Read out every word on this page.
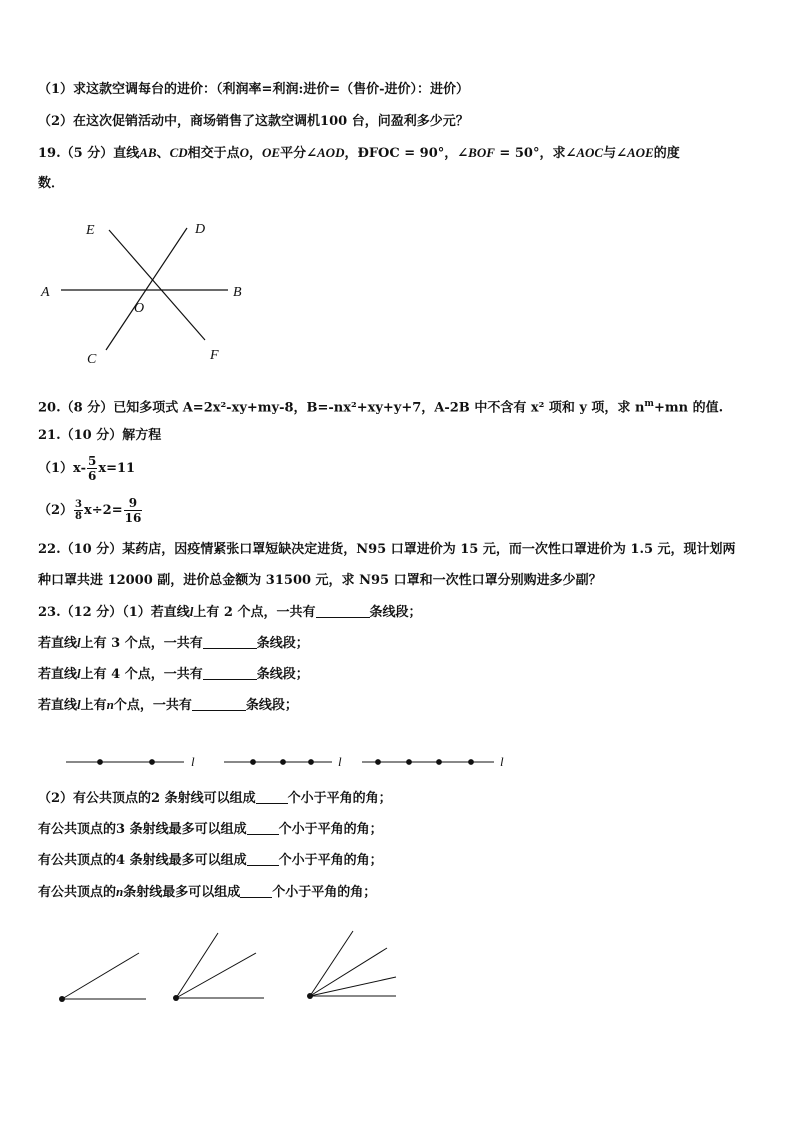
（1）求这款空调每台的进价：（利润率=利润:进价=（售价-进价）：进价）
（2）在这次促销活动中，商场销售了这款空调机100 台，问盈利多少元？
19.（5 分）直线AB、CD相交于点O，OE平分∠AOD，ÐFOC = 90°，∠BOF = 50°，求∠AOC与∠AOE的度
数．
E	D
A	B
O
C	F
20.（8 分）已知多项式 A=2x²-xy+my-8，B=-nx²+xy+y+7，A-2B 中不含有 x² 项和 y 项，求 $n^m+mn$ 的值.
21.（10 分）解方程
$(1)x- \frac{5}{6} x=11$
$(2) \frac{3}{8} x\div 2= \frac{9}{16}$
22.（10 分）某药店，因疫情紧张口罩短缺决定进货，N95 口罩进价为 15 元，而一次性口罩进价为 1.5 元，现计划两
种口罩共进 12000 副，进价总金额为 31500 元，求 N95 口罩和一次性口罩分别购进多少副？
23.（12 分）（1）若直线l上有 2 个点，一共有	条线段；
若直线l上有 3 个点，一共有	条线段；
若直线l上有 4 个点，一共有	条线段；
若直线l上有n个点，一共有	条线段；
l	l	l
（2）有公共顶点的2 条射线可以组成 个小于平角的角；
有公共顶点的3 条射线最多可以组成 个小于平角的角；
有公共顶点的4 条射线最多可以组成 个小于平角的角；
有公共顶点的n条射线最多可以组成 个小于平角的角；
